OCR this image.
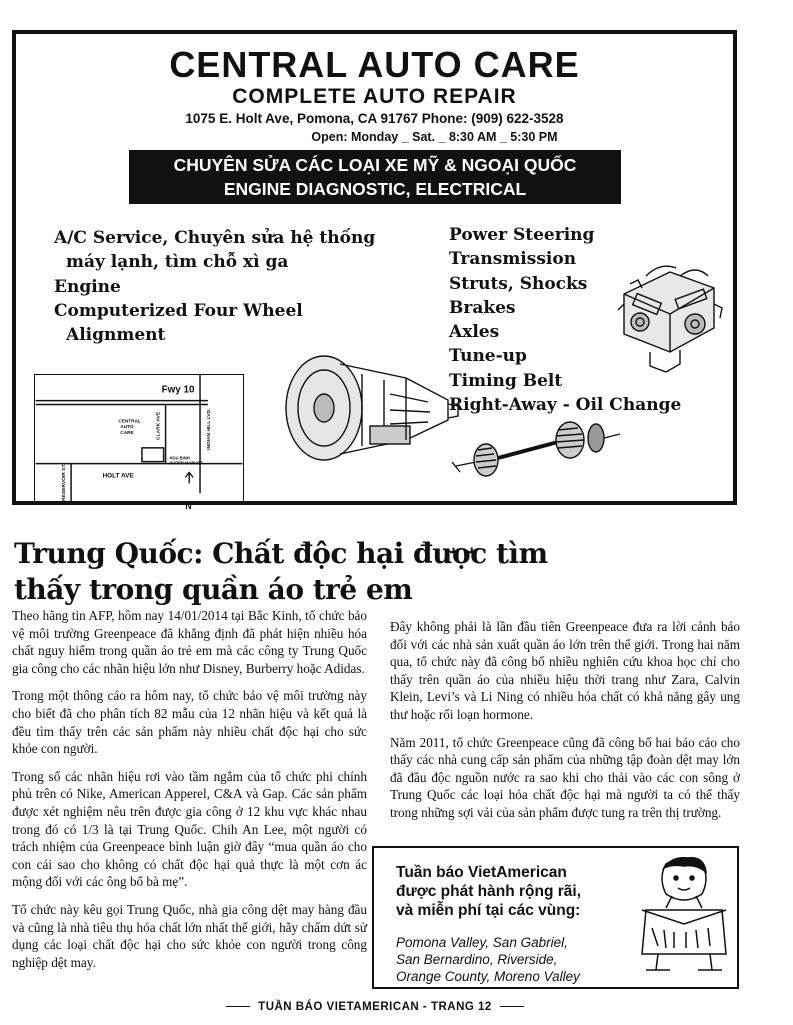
CENTRAL AUTO CARE
COMPLETE AUTO REPAIR
1075 E. Holt Ave, Pomona, CA 91767 Phone: (909) 622-3528
Open: Monday _ Sat. _ 8:30 AM _ 5:30 PM
CHUYÊN SỬA CÁC LOẠI XE MỸ & NGOẠI QUỐC
ENGINE DIAGNOSTIC, ELECTRICAL
A/C Service, Chuyên sửa hệ thống
máy lạnh, tìm chỗ xì ga
Engine
Computerized Four Wheel
Alignment
Power Steering
Transmission
Struts, Shocks
Brakes
Axles
Tune-up
Timing Belt
Right-Away - Oil Change
Fwy 10
HOLT AVE
CENTRAL
AUTO
CARE
HOA BINH
SUPER MARKET
N
CLARK AVE	INDIAN HILL LVD.
RESERVOIR ST.
Trung Quốc: Chất độc hại được tìm thấy trong quần áo trẻ em

Theo hãng tin AFP, hôm nay 14/01/2014 tại Bắc Kinh, tổ chức bảo vệ môi trường Greenpeace đã khẳng định đã phát hiện nhiều hóa chất nguy hiểm trong quần áo trẻ em mà các công ty Trung Quốc gia công cho các nhãn hiệu lớn như Disney, Burberry hoặc Adidas.

Trong một thông cáo ra hôm nay, tổ chức bảo vệ môi trường này cho biết đã cho phân tích 82 mẫu của 12 nhãn hiệu và kết quả là đều tìm thấy trên các sản phẩm này nhiều chất độc hại cho sức khỏe con người.

Trong số các nhãn hiệu rơi vào tầm ngắm của tổ chức phi chính phủ trên có Nike, American Apperel, C&A và Gap. Các sản phẩm được xét nghiệm nêu trên được gia công ở 12 khu vực khác nhau trong đó có 1/3 là tại Trung Quốc. Chih An Lee, một người có trách nhiệm của Greenpeace bình luận giờ đây “mua quần áo cho con cái sao cho không có chất độc hại quả thực là một cơn ác mộng đối với các ông bố bà mẹ”.

Tổ chức này kêu gọi Trung Quốc, nhà gia công dệt may hàng đầu và cũng là nhà tiêu thụ hóa chất lớn nhất thế giới, hãy chấm dứt sử dụng các loại chất độc hại cho sức khỏe con người trong công nghiệp dệt may.

Đây không phải là lần đầu tiên Greenpeace đưa ra lời cảnh báo đối với các nhà sản xuất quần áo lớn trên thế giới. Trong hai năm qua, tổ chức này đã công bố nhiều nghiên cứu khoa học chỉ cho thấy trên quần áo của nhiều hiệu thời trang như Zara, Calvin Klein, Levi’s và Li Ning có nhiều hóa chất có khả năng gây ung thư hoặc rối loạn hormone.

Năm 2011, tổ chức Greenpeace cũng đã công bố hai báo cáo cho thấy các nhà cung cấp sản phẩm của những tập đoàn dệt may lớn đã đầu độc nguồn nước ra sao khi cho thải vào các con sông ở Trung Quốc các loại hóa chất độc hại mà người ta có thể thấy trong những sợi vải của sản phẩm được tung ra trên thị trường.

Tuần báo VietAmerican
được phát hành rộng rãi,
và miễn phí tại các vùng:
Pomona Valley, San Gabriel,
San Bernardino, Riverside,
Orange County, Moreno Valley
TUẦN BÁO VIETAMERICAN - TRANG 12
